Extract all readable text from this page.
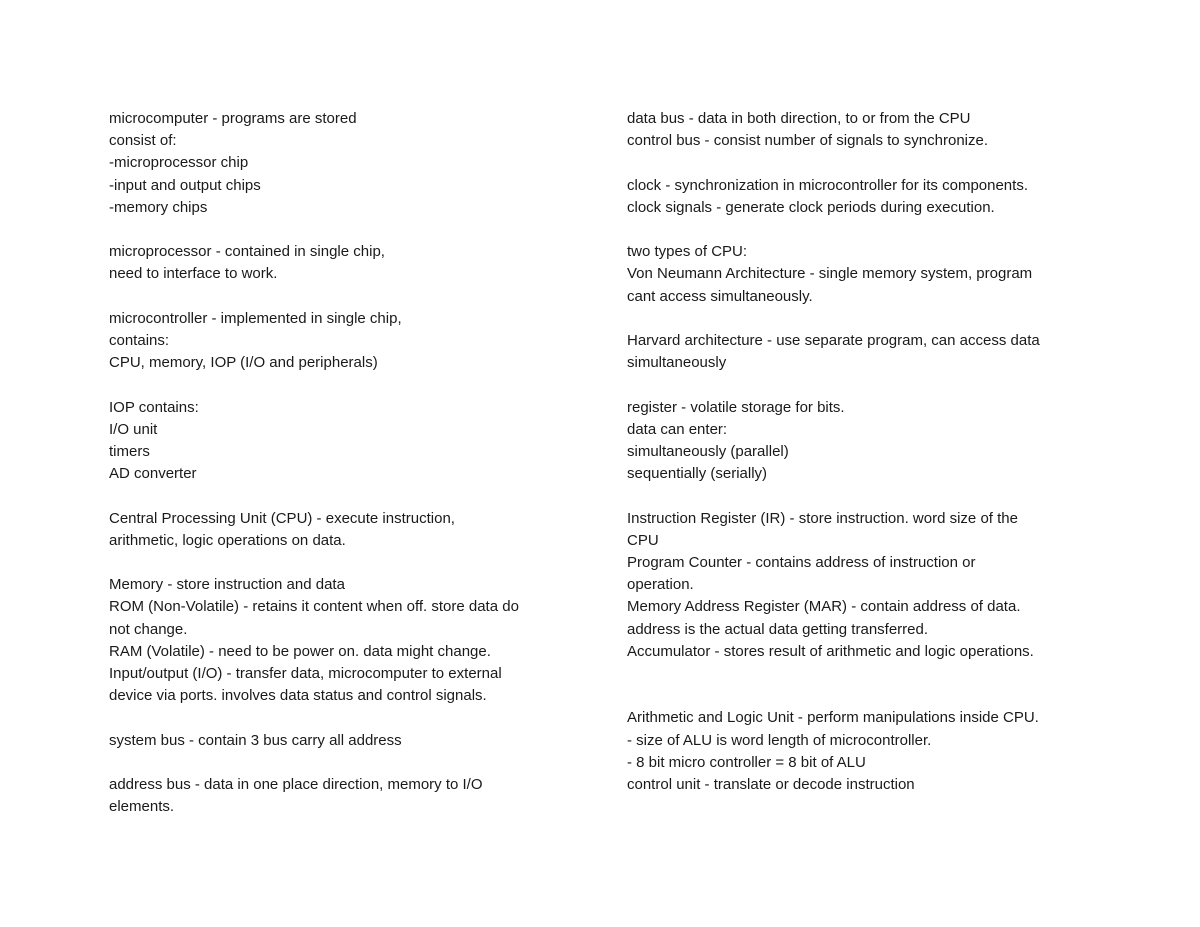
microcomputer - programs are stored
consist of:
-microprocessor chip
-input and output chips
-memory chips
microprocessor - contained in single chip,
need to interface to work.
microcontroller - implemented in single chip,
contains:
CPU, memory, IOP (I/O and peripherals)
IOP contains:
I/O unit
timers
AD converter
Central Processing Unit (CPU) - execute instruction,
arithmetic, logic operations on data.
Memory - store instruction and data
ROM (Non-Volatile) - retains it content when off. store data do
not change.
RAM (Volatile) - need to be power on. data might change.
Input/output (I/O) - transfer data, microcomputer to external
device via ports. involves data status and control signals.
system bus - contain 3 bus carry all address
address bus - data in one place direction, memory to I/O
elements.
data bus - data in both direction, to or from the CPU
control bus - consist number of signals to synchronize.
clock - synchronization in microcontroller for its components.
clock signals - generate clock periods during execution.
two types of CPU:
Von Neumann Architecture - single memory system, program
cant access simultaneously.
Harvard architecture - use separate program, can access data
simultaneously
register - volatile storage for bits.
data can enter:
simultaneously (parallel)
sequentially (serially)
Instruction Register (IR) - store instruction. word size of the
CPU
Program Counter - contains address of instruction or
operation.
Memory Address Register (MAR) - contain address of data.
address is the actual data getting transferred.
Accumulator - stores result of arithmetic and logic operations.
Arithmetic and Logic Unit - perform manipulations inside CPU.
- size of ALU is word length of microcontroller.
- 8 bit micro controller = 8 bit of ALU
control unit - translate or decode instruction
